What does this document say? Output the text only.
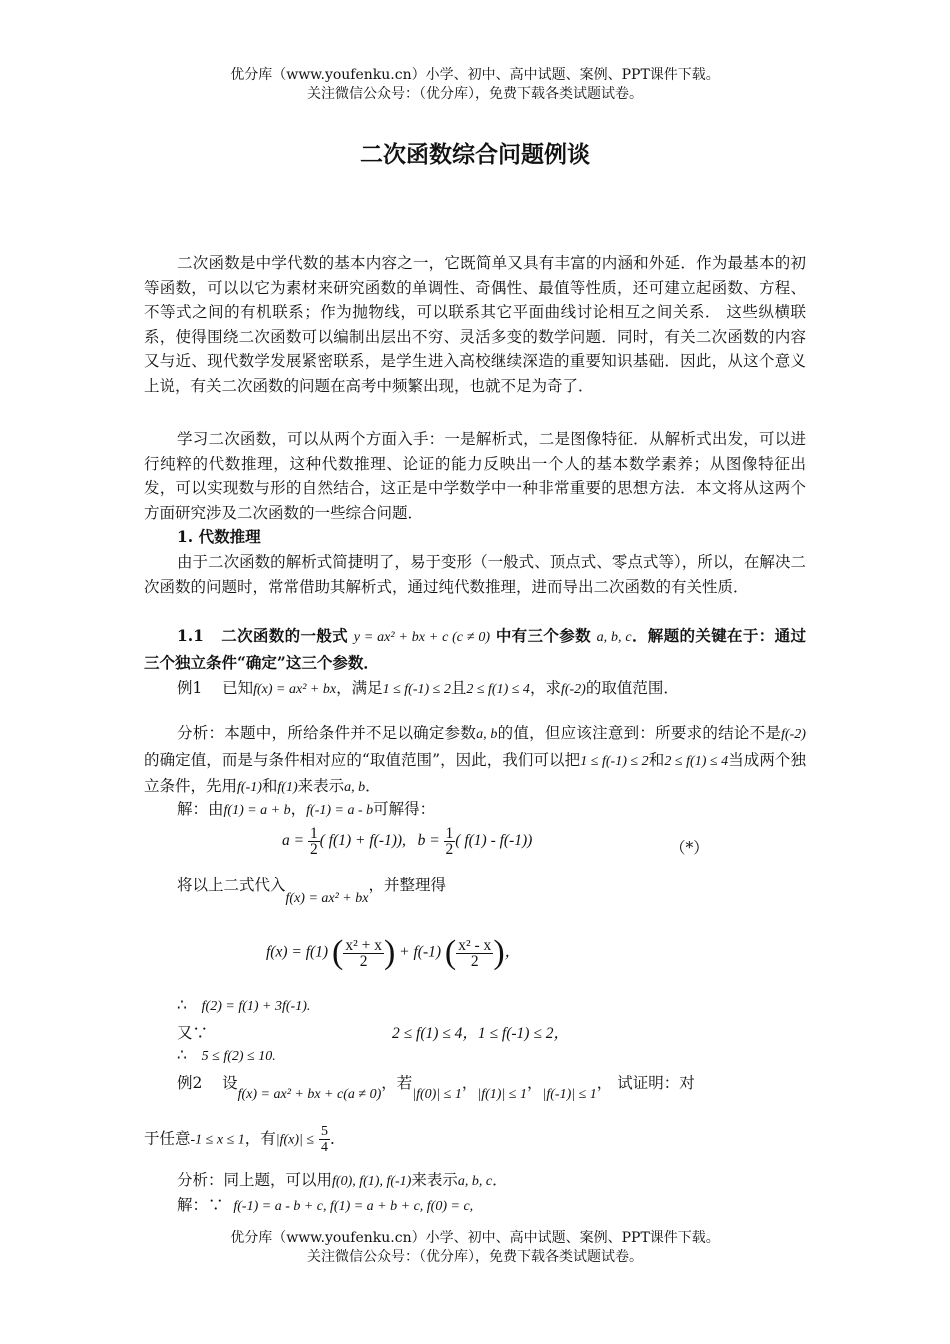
优分库（www.youfenku.cn）小学、初中、高中试题、案例、PPT课件下载。
关注微信公众号：（优分库），免费下载各类试题试卷。
二次函数综合问题例谈
二次函数是中学代数的基本内容之一，它既简单又具有丰富的内涵和外延．作为最基本的初等函数，可以以它为素材来研究函数的单调性、奇偶性、最值等性质，还可建立起函数、方程、不等式之间的有机联系；作为抛物线，可以联系其它平面曲线讨论相互之间关系． 这些纵横联系，使得围绕二次函数可以编制出层出不穷、灵活多变的数学问题．同时，有关二次函数的内容又与近、现代数学发展紧密联系，是学生进入高校继续深造的重要知识基础．因此，从这个意义上说，有关二次函数的问题在高考中频繁出现，也就不足为奇了．
学习二次函数，可以从两个方面入手：一是解析式，二是图像特征．从解析式出发，可以进行纯粹的代数推理，这种代数推理、论证的能力反映出一个人的基本数学素养；从图像特征出发，可以实现数与形的自然结合，这正是中学数学中一种非常重要的思想方法．本文将从这两个方面研究涉及二次函数的一些综合问题．
1. 代数推理
由于二次函数的解析式简捷明了，易于变形（一般式、顶点式、零点式等），所以，在解决二次函数的问题时，常常借助其解析式，通过纯代数推理，进而导出二次函数的有关性质．
1.1 二次函数的一般式 y = ax² + bx + c (c ≠ 0) 中有三个参数 a, b, c．解题的关键在于：通过三个独立条件“确定”这三个参数．
例1 已知f(x) = ax² + bx，满足1 ≤ f(-1) ≤ 2且2 ≤ f(1) ≤ 4，求f(-2)的取值范围．
分析：本题中，所给条件并不足以确定参数a, b的值，但应该注意到：所要求的结论不是f(-2)的确定值，而是与条件相对应的“取值范围”，因此，我们可以把1 ≤ f(-1) ≤ 2和2 ≤ f(1) ≤ 4当成两个独立条件，先用f(-1)和f(1)来表示a, b．
解：由f(1) = a + b，f(-1) = a - b可解得：
$a = \frac{1}{2}$ ( f(1) + f(-1)), $b = \frac{1}{2}$ ( f(1) - f(-1))	（*）
将以上二式代入f(x) = ax² + bx，并整理得
f(x) = f(1) ( $\frac{\text{x² + x}}{2}$ ) + f(-1) ( $\frac{\text{x² - x}}{2}$ )，
∴ f(2) = f(1) + 3f(-1).
又∵	2 ≤ f(1) ≤ 4，1 ≤ f(-1) ≤ 2，
∴ 5 ≤ f(2) ≤ 10.
例2 设f(x) = ax² + bx + c(a ≠ 0)，若|f(0)| ≤ 1，|f(1)| ≤ 1，|f(-1)| ≤ 1， 试证明：对
于任意-1 ≤ x ≤ 1，有$|f(x)| \le \frac{5}{4}$ ．
分析：同上题，可以用f(0), f(1), f(-1)来表示a, b, c．
解：∵ f(-1) = a - b + c, f(1) = a + b + c, f(0) = c,
优分库（www.youfenku.cn）小学、初中、高中试题、案例、PPT课件下载。
关注微信公众号：（优分库），免费下载各类试题试卷。
